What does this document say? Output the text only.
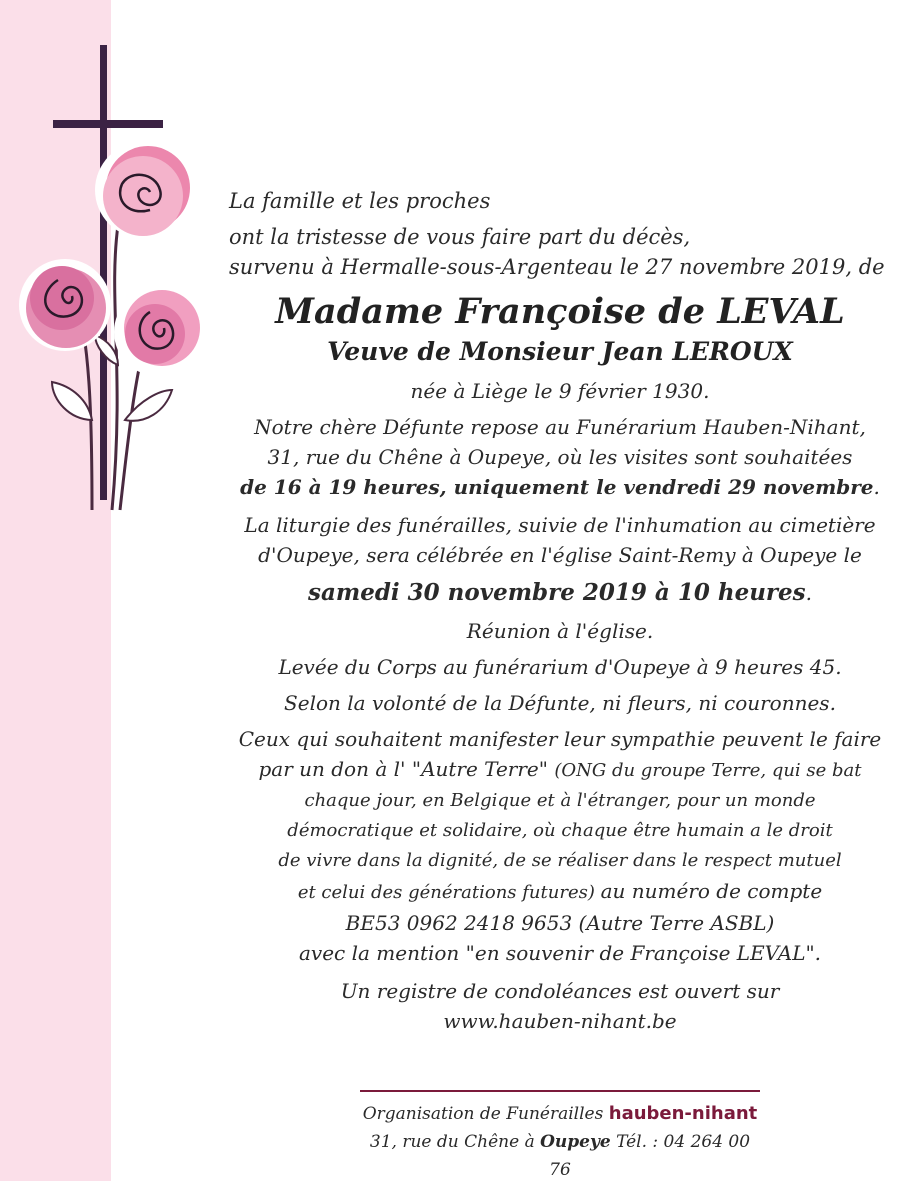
La famille et les proches

ont la tristesse de vous faire part du décès,

survenu à Hermalle-sous-Argenteau le 27 novembre 2019, de

Madame Françoise de LEVAL

Veuve de Monsieur Jean LEROUX

née à Liège le 9 février 1930.

Notre chère Défunte repose au Funérarium Hauben-Nihant,

31, rue du Chêne à Oupeye, où les visites sont souhaitées

de 16 à 19 heures, uniquement le vendredi 29 novembre.

La liturgie des funérailles, suivie de l'inhumation au cimetière

d'Oupeye, sera célébrée en l'église Saint-Remy à Oupeye le

samedi 30 novembre 2019 à 10 heures.

Réunion à l'église.

Levée du Corps au funérarium d'Oupeye à 9 heures 45.

Selon la volonté de la Défunte, ni fleurs, ni couronnes.

Ceux qui souhaitent manifester leur sympathie peuvent le faire

par un don à l' "Autre Terre" (ONG du groupe Terre, qui se bat

chaque jour, en Belgique et à l'étranger, pour un monde

démocratique et solidaire, où chaque être humain a le droit

de vivre dans la dignité, de se réaliser dans le respect mutuel

et celui des générations futures) au numéro de compte

BE53 0962 2418 9653 (Autre Terre ASBL)

avec la mention "en souvenir de Françoise LEVAL".

Un registre de condoléances est ouvert sur

www.hauben-nihant.be

Organisation de Funérailles hauben-nihant
31, rue du Chêne à Oupeye Tél. : 04 264 00 76
